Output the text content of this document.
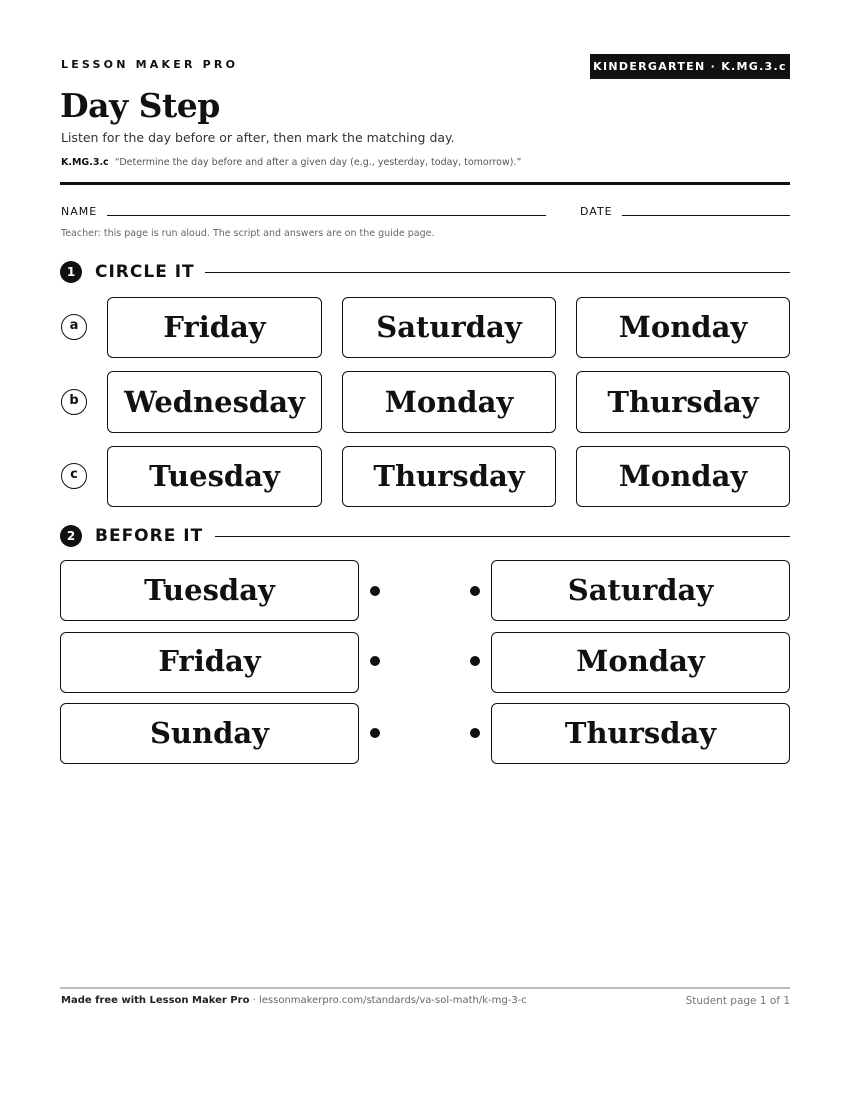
LESSON MAKER PRO	KINDERGARTEN · K.MG.3.c
Day Step
Listen for the day before or after, then mark the matching day.
K.MG.3.c “Determine the day before and after a given day (e.g., yesterday, today, tomorrow).”
NAME	DATE
Teacher: this page is run aloud. The script and answers are on the guide page.
1	CIRCLE IT
a	Friday	Saturday	Monday
b	Wednesday	Monday	Thursday
c	Tuesday	Thursday	Monday
2	BEFORE IT
Tuesday	Saturday
Friday	Monday
Sunday	Thursday
Made free with Lesson Maker Pro · lessonmakerpro.com/standards/va-sol-math/k-mg-3-c	Student page 1 of 1
